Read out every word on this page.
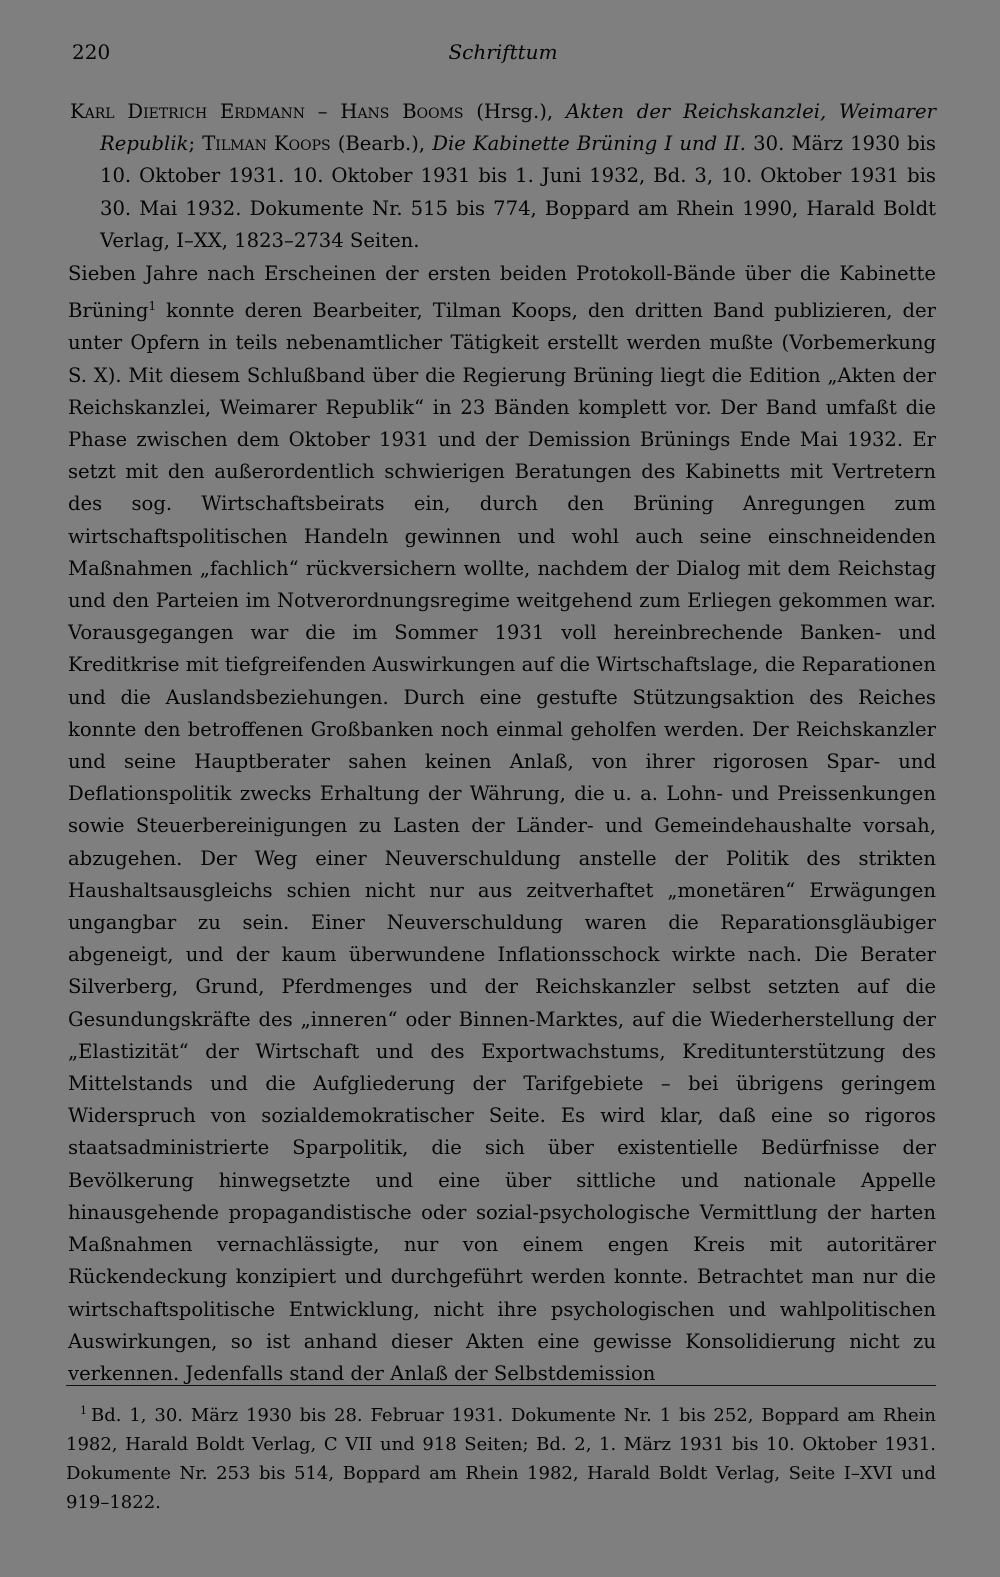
220	Schrifttum
Karl Dietrich Erdmann – Hans Booms (Hrsg.), Akten der Reichskanzlei, Weimarer Republik; Tilman Koops (Bearb.), Die Kabinette Brüning I und II. 30. März 1930 bis 10. Oktober 1931. 10. Oktober 1931 bis 1. Juni 1932, Bd. 3, 10. Oktober 1931 bis 30. Mai 1932. Dokumente Nr. 515 bis 774, Boppard am Rhein 1990, Harald Boldt Verlag, I–XX, 1823–2734 Seiten.

Sieben Jahre nach Erscheinen der ersten beiden Protokoll-Bände über die Kabinette Brüning$^1$ konnte deren Bearbeiter, Tilman Koops, den dritten Band publizieren, der unter Opfern in teils nebenamtlicher Tätigkeit erstellt werden mußte (Vorbemerkung S. X). Mit diesem Schlußband über die Regierung Brüning liegt die Edition „Akten der Reichskanzlei, Weimarer Republik“ in 23 Bänden komplett vor. Der Band umfaßt die Phase zwischen dem Oktober 1931 und der Demission Brünings Ende Mai 1932. Er setzt mit den außerordentlich schwierigen Beratungen des Kabinetts mit Vertretern des sog. Wirtschaftsbeirats ein, durch den Brüning Anregungen zum wirtschaftspolitischen Handeln gewinnen und wohl auch seine einschneidenden Maßnahmen „fachlich“ rückversichern wollte, nachdem der Dialog mit dem Reichstag und den Parteien im Notverordnungsregime weitgehend zum Erliegen gekommen war. Vorausgegangen war die im Sommer 1931 voll hereinbrechende Banken- und Kreditkrise mit tiefgreifenden Auswirkungen auf die Wirtschaftslage, die Reparationen und die Auslandsbeziehungen. Durch eine gestufte Stützungsaktion des Reiches konnte den betroffenen Großbanken noch einmal geholfen werden. Der Reichskanzler und seine Hauptberater sahen keinen Anlaß, von ihrer rigorosen Spar- und Deflationspolitik zwecks Erhaltung der Währung, die u. a. Lohn- und Preissenkungen sowie Steuerbereinigungen zu Lasten der Länder- und Gemeindehaushalte vorsah, abzugehen. Der Weg einer Neuverschuldung anstelle der Politik des strikten Haushaltsausgleichs schien nicht nur aus zeitverhaftet „monetären“ Erwägungen ungangbar zu sein. Einer Neuverschuldung waren die Reparationsgläubiger abgeneigt, und der kaum überwundene Inflationsschock wirkte nach. Die Berater Silverberg, Grund, Pferdmenges und der Reichskanzler selbst setzten auf die Gesundungskräfte des „inneren“ oder Binnen-Marktes, auf die Wiederherstellung der „Elastizität“ der Wirtschaft und des Exportwachstums, Kreditunterstützung des Mittelstands und die Aufgliederung der Tarifgebiete – bei übrigens geringem Widerspruch von sozialdemokratischer Seite. Es wird klar, daß eine so rigoros staatsadministrierte Sparpolitik, die sich über existentielle Bedürfnisse der Bevölkerung hinwegsetzte und eine über sittliche und nationale Appelle hinausgehende propagandistische oder sozial-psychologische Vermittlung der harten Maßnahmen vernachlässigte, nur von einem engen Kreis mit autoritärer Rückendeckung konzipiert und durchgeführt werden konnte. Betrachtet man nur die wirtschaftspolitische Entwicklung, nicht ihre psychologischen und wahlpolitischen Auswirkungen, so ist anhand dieser Akten eine gewisse Konsolidierung nicht zu verkennen. Jedenfalls stand der Anlaß der Selbstdemission

$^1$ Bd. 1, 30. März 1930 bis 28. Februar 1931. Dokumente Nr. 1 bis 252, Boppard am Rhein 1982, Harald Boldt Verlag, C VII und 918 Seiten; Bd. 2, 1. März 1931 bis 10. Oktober 1931. Dokumente Nr. 253 bis 514, Boppard am Rhein 1982, Harald Boldt Verlag, Seite I–XVI und 919–1822.
